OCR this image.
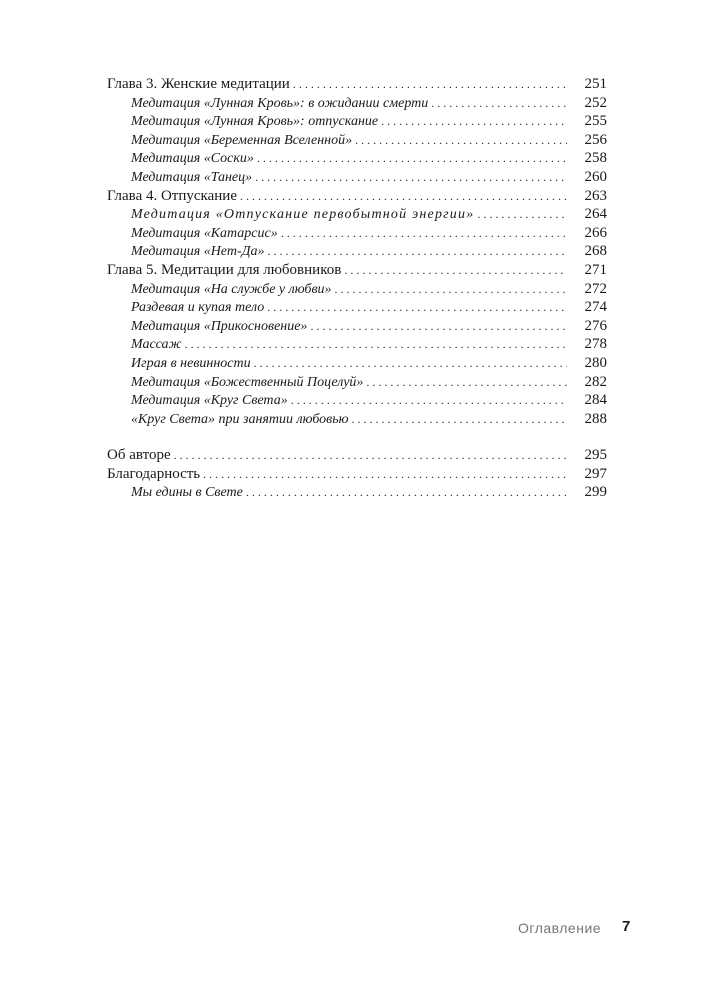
Глава 3. Женские медитации . . .	251
Медитация «Лунная Кровь»: в ожидании смерти . . .	252
Медитация «Лунная Кровь»: отпускание . . .	255
Медитация «Беременная Вселенной» . . .	256
Медитация «Соски» . . .	258
Медитация «Танец» . . .	260
Глава 4. Отпускание . . .	263
Медитация «Отпускание первобытной энергии» . . .	264
Медитация «Катарсис» . . .	266
Медитация «Нет-Да» . . .	268
Глава 5. Медитации для любовников . . .	271
Медитация «На службе у любви» . . .	272
Раздевая и купая тело . . .	274
Медитация «Прикосновение» . . .	276
Массаж . . .	278
Играя в невинности . . .	280
Медитация «Божественный Поцелуй» . . .	282
Медитация «Круг Света» . . .	284
«Круг Света» при занятии любовью . . .	288
Об авторе . . .	295
Благодарность . . .	297
Мы едины в Свете . . .	299
Оглавление 7
